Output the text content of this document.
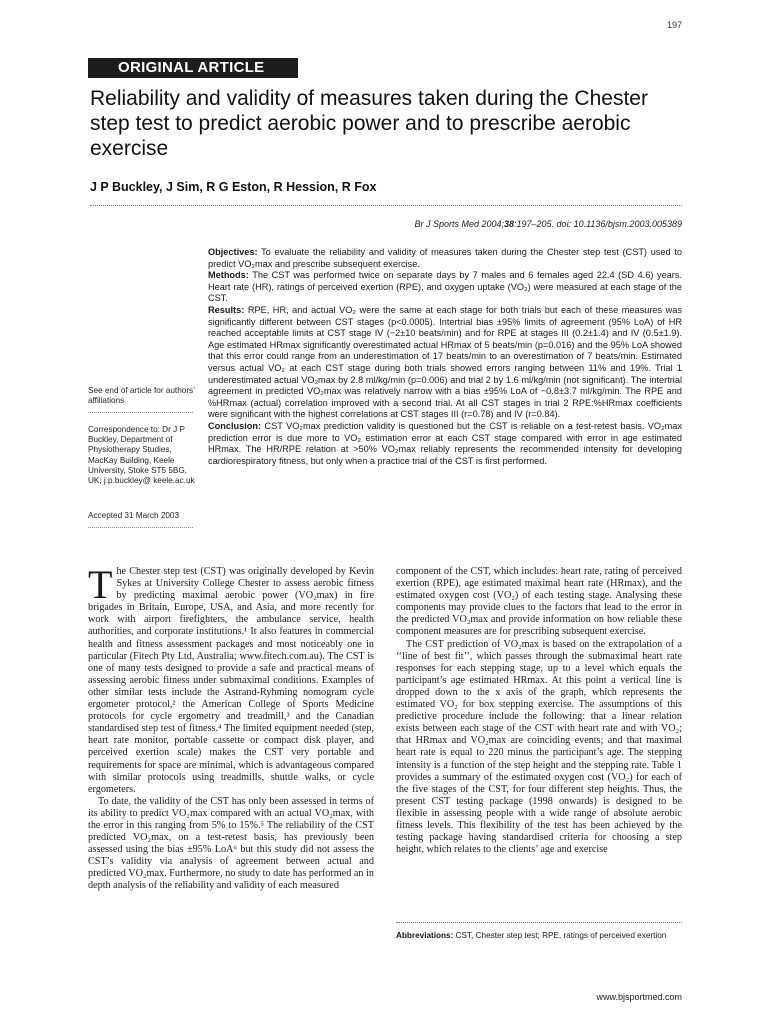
197
ORIGINAL ARTICLE
Reliability and validity of measures taken during the Chester step test to predict aerobic power and to prescribe aerobic exercise
J P Buckley, J Sim, R G Eston, R Hession, R Fox
Br J Sports Med 2004;38:197–205. doi: 10.1136/bjsm.2003.005389

Objectives: To evaluate the reliability and validity of measures taken during the Chester step test (CST) used to predict VO₂max and prescribe subsequent exercise.

Methods: The CST was performed twice on separate days by 7 males and 6 females aged 22.4 (SD 4.6) years. Heart rate (HR), ratings of perceived exertion (RPE), and oxygen uptake (VO₂) were measured at each stage of the CST.

Results: RPE, HR, and actual VO₂ were the same at each stage for both trials but each of these measures was significantly different between CST stages (p<0.0005). Intertrial bias ±95% limits of agreement (95% LoA) of HR reached acceptable limits at CST stage IV (−2±10 beats/min) and for RPE at stages III (0.2±1.4) and IV (0.5±1.9). Age estimated HRmax significantly overestimated actual HRmax of 5 beats/min (p=0.016) and the 95% LoA showed that this error could range from an underestimation of 17 beats/min to an overestimation of 7 beats/min. Estimated versus actual VO₂ at each CST stage during both trials showed errors ranging between 11% and 19%. Trial 1 underestimated actual VO₂max by 2.8 ml/kg/min (p=0.006) and trial 2 by 1.6 ml/kg/min (not significant). The intertrial agreement in predicted VO₂max was relatively narrow with a bias ±95% LoA of −0.8±3.7 ml/kg/min. The RPE and %HRmax (actual) correlation improved with a second trial. At all CST stages in trial 2 RPE:%HRmax coefficients were significant with the highest correlations at CST stages III (r=0.78) and IV (r=0.84).

Conclusion: CST VO₂max prediction validity is questioned but the CST is reliable on a test-retest basis. VO₂max prediction error is due more to VO₂ estimation error at each CST stage compared with error in age estimated HRmax. The HR/RPE relation at >50% VO₂max reliably represents the recommended intensity for developing cardiorespiratory fitness, but only when a practice trial of the CST is first performed.

See end of article for authors’ affiliations
Correspondence to: Dr J P Buckley, Department of Physiotherapy Studies, MacKay Building, Keele University, Stoke ST5 5BG, UK; j.p.buckley@ keele.ac.uk
Accepted 31 March 2003

The Chester step test (CST) was originally developed by Kevin Sykes at University College Chester to assess aerobic fitness by predicting maximal aerobic power (VO₂max) in fire brigades in Britain, Europe, USA, and Asia, and more recently for work with airport firefighters, the ambulance service, health authorities, and corporate institutions.¹ It also features in commercial health and fitness assessment packages and most noticeably one in particular (Fitech Pty Ltd, Australia; www.fitech.com.au). The CST is one of many tests designed to provide a safe and practical means of assessing aerobic fitness under submaximal conditions. Examples of other similar tests include the Astrand-Ryhming nomogram cycle ergometer protocol,² the American College of Sports Medicine protocols for cycle ergometry and treadmill,³ and the Canadian standardised step test of fitness.⁴ The limited equipment needed (step, heart rate monitor, portable cassette or compact disk player, and perceived exertion scale) makes the CST very portable and requirements for space are minimal, which is advantageous compared with similar protocols using treadmills, shuttle walks, or cycle ergometers.

To date, the validity of the CST has only been assessed in terms of its ability to predict VO₂max compared with an actual VO₂max, with the error in this ranging from 5% to 15%.⁵ The reliability of the CST predicted VO₂max, on a test-retest basis, has previously been assessed using the bias ±95% LoA⁶ but this study did not assess the CST’s validity via analysis of agreement between actual and predicted VO₂max. Furthermore, no study to date has performed an in depth analysis of the reliability and validity of each measured

component of the CST, which includes: heart rate, rating of perceived exertion (RPE), age estimated maximal heart rate (HRmax), and the estimated oxygen cost (VO₂) of each testing stage. Analysing these components may provide clues to the factors that lead to the error in the predicted VO₂max and provide information on how reliable these component measures are for prescribing subsequent exercise.

The CST prediction of VO₂max is based on the extrapolation of a ‘‘line of best fit’’, which passes through the submaximal heart rate responses for each stepping stage, up to a level which equals the participant’s age estimated HRmax. At this point a vertical line is dropped down to the x axis of the graph, which represents the estimated VO₂ for box stepping exercise. The assumptions of this predictive procedure include the following: that a linear relation exists between each stage of the CST with heart rate and with VO₂; that HRmax and VO₂max are coinciding events; and that maximal heart rate is equal to 220 minus the participant’s age. The stepping intensity is a function of the step height and the stepping rate. Table 1 provides a summary of the estimated oxygen cost (VO₂) for each of the five stages of the CST, for four different step heights. Thus, the present CST testing package (1998 onwards) is designed to be flexible in assessing people with a wide range of absolute aerobic fitness levels. This flexibility of the test has been achieved by the testing package having standardised criteria for choosing a step height, which relates to the clients’ age and exercise

Abbreviations: CST, Chester step test; RPE, ratings of perceived exertion
www.bjsportmed.com
